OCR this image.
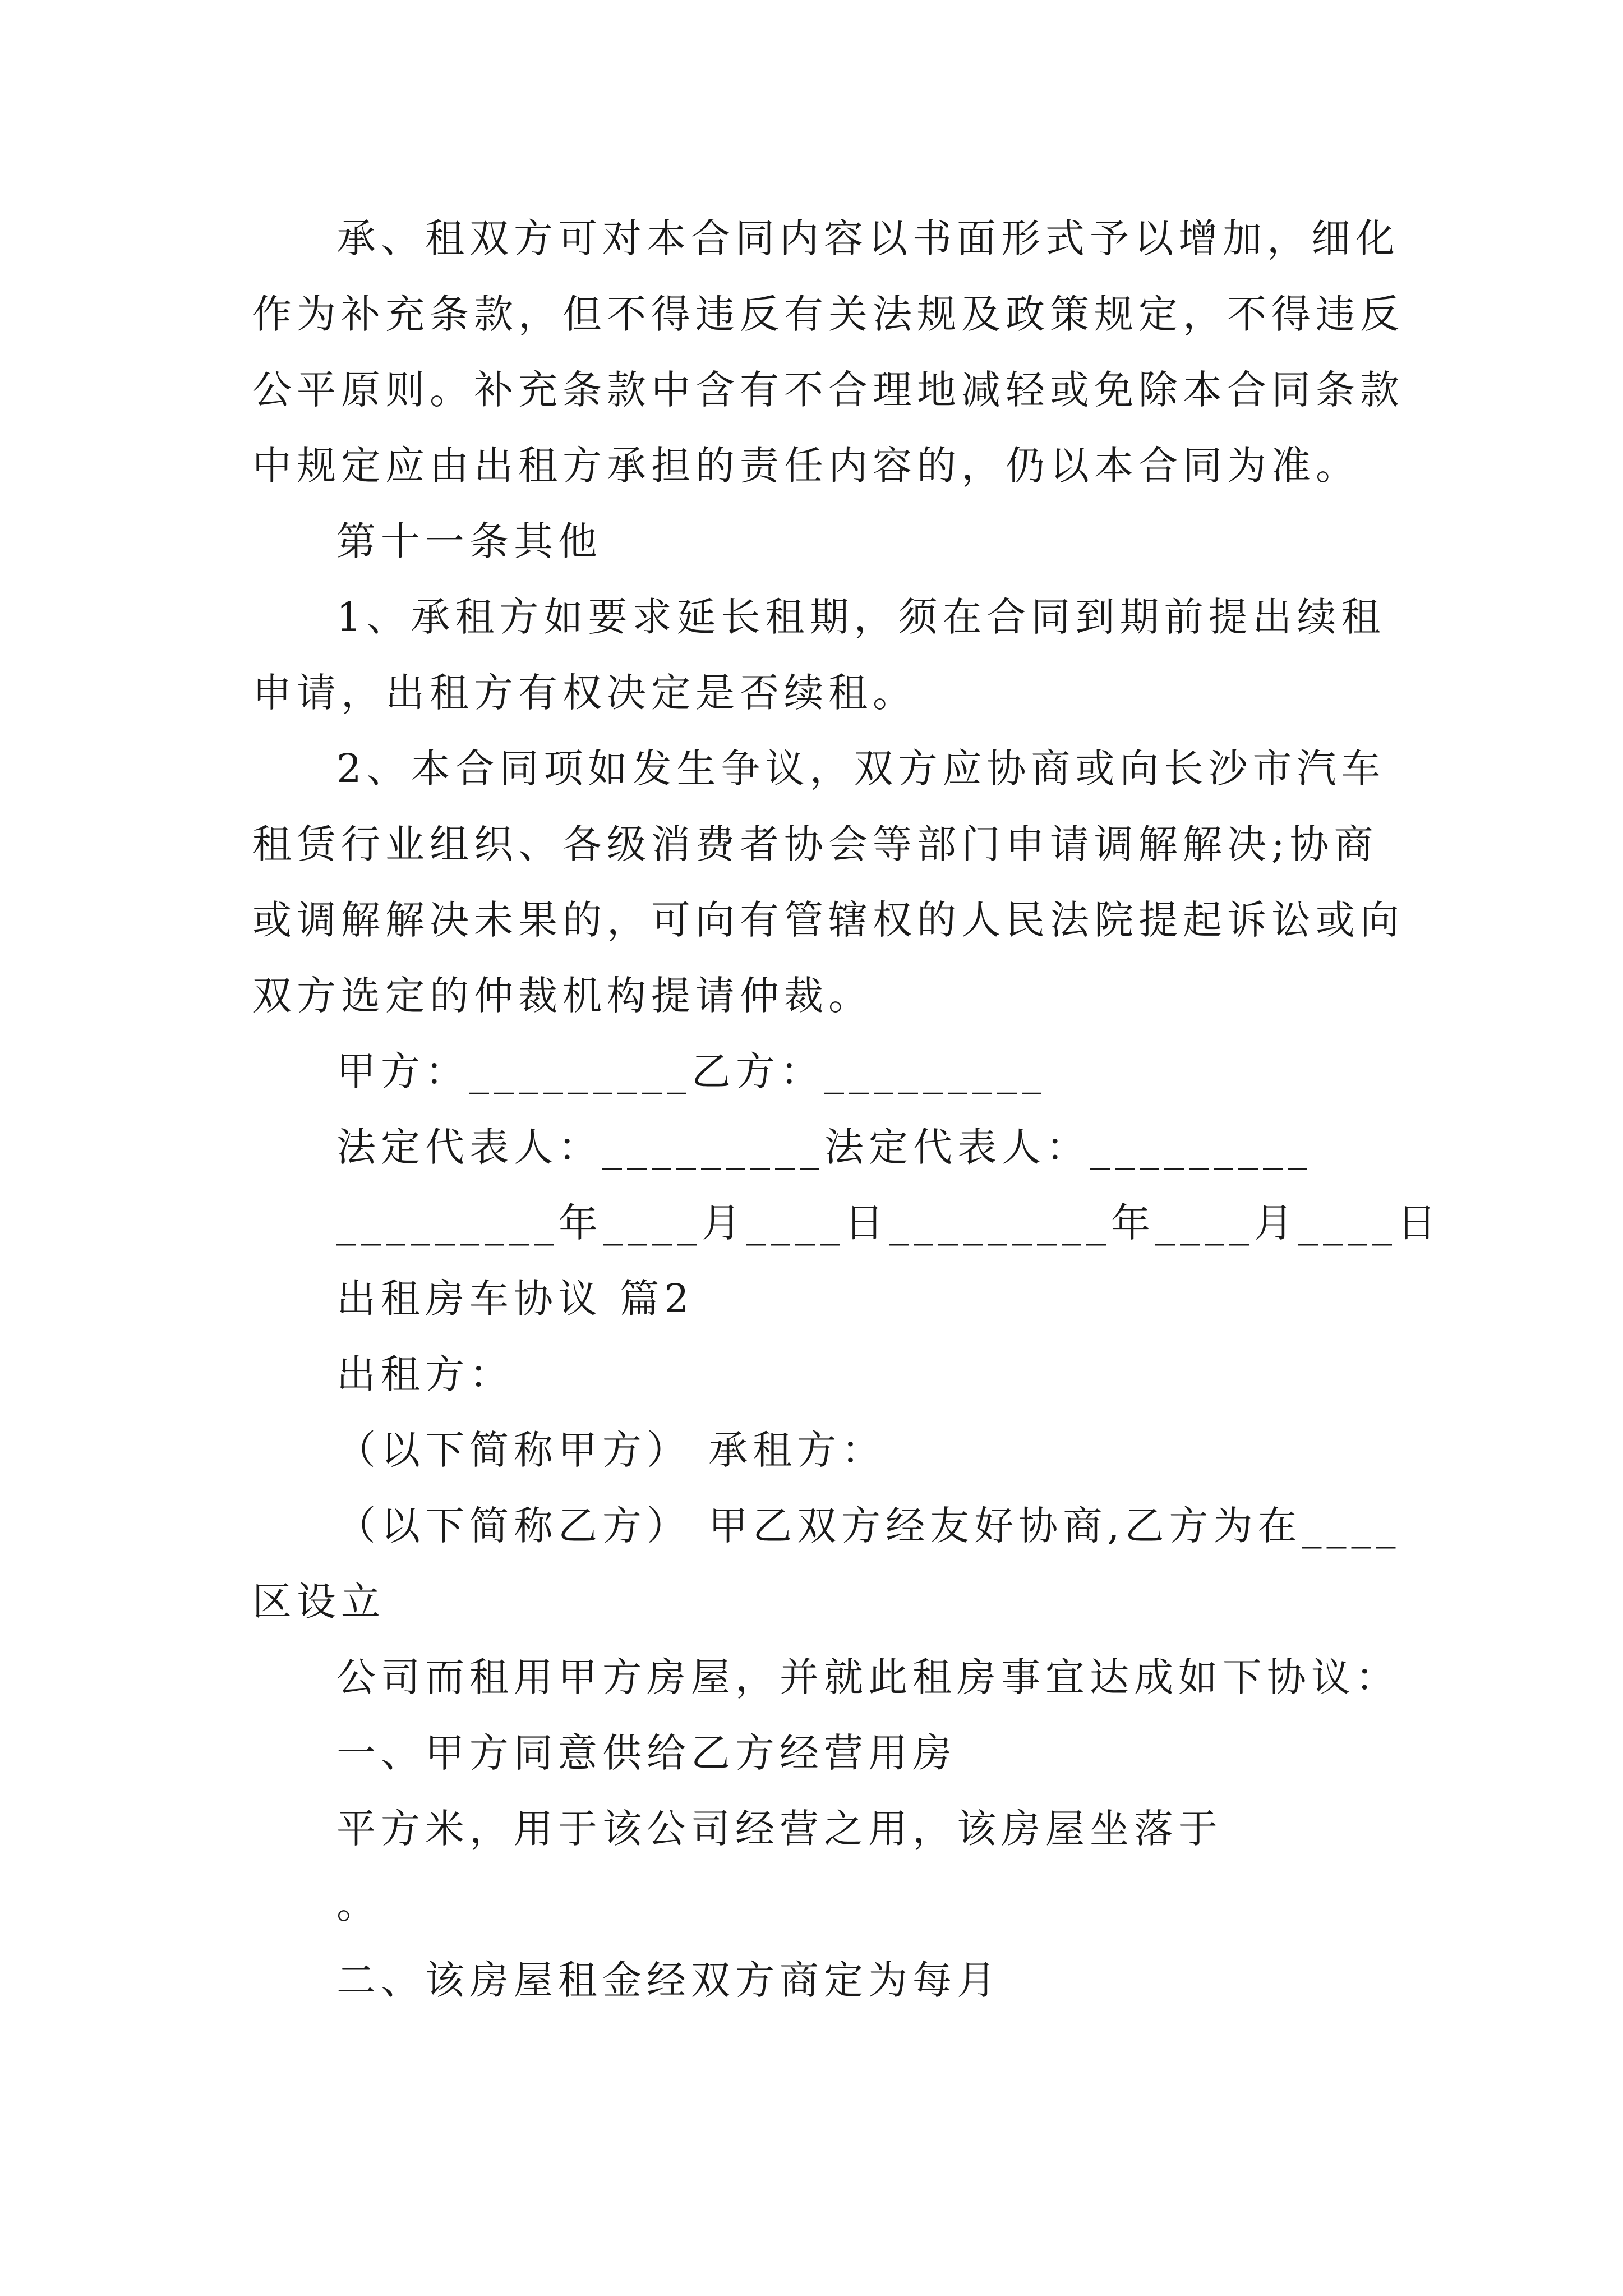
承、租双方可对本合同内容以书面形式予以增加，细化
作为补充条款，但不得违反有关法规及政策规定，不得违反
公平原则。补充条款中含有不合理地减轻或免除本合同条款
中规定应由出租方承担的责任内容的，仍以本合同为准。
第十一条其他
1、承租方如要求延长租期，须在合同到期前提出续租
申请，出租方有权决定是否续租。
2、本合同项如发生争议，双方应协商或向长沙市汽车
租赁行业组织、各级消费者协会等部门申请调解解决;协商
或调解解决未果的，可向有管辖权的人民法院提起诉讼或向
双方选定的仲裁机构提请仲裁。
甲方：_________乙方：_________
法定代表人：_________法定代表人：_________
_________年____月____日_________年____月____日
出租房车协议 篇2
出租方：
（以下简称甲方） 承租方：
（以下简称乙方） 甲乙双方经友好协商,乙方为在____
区设立
公司而租用甲方房屋，并就此租房事宜达成如下协议：
一、甲方同意供给乙方经营用房
平方米，用于该公司经营之用，该房屋坐落于
。
二、该房屋租金经双方商定为每月
